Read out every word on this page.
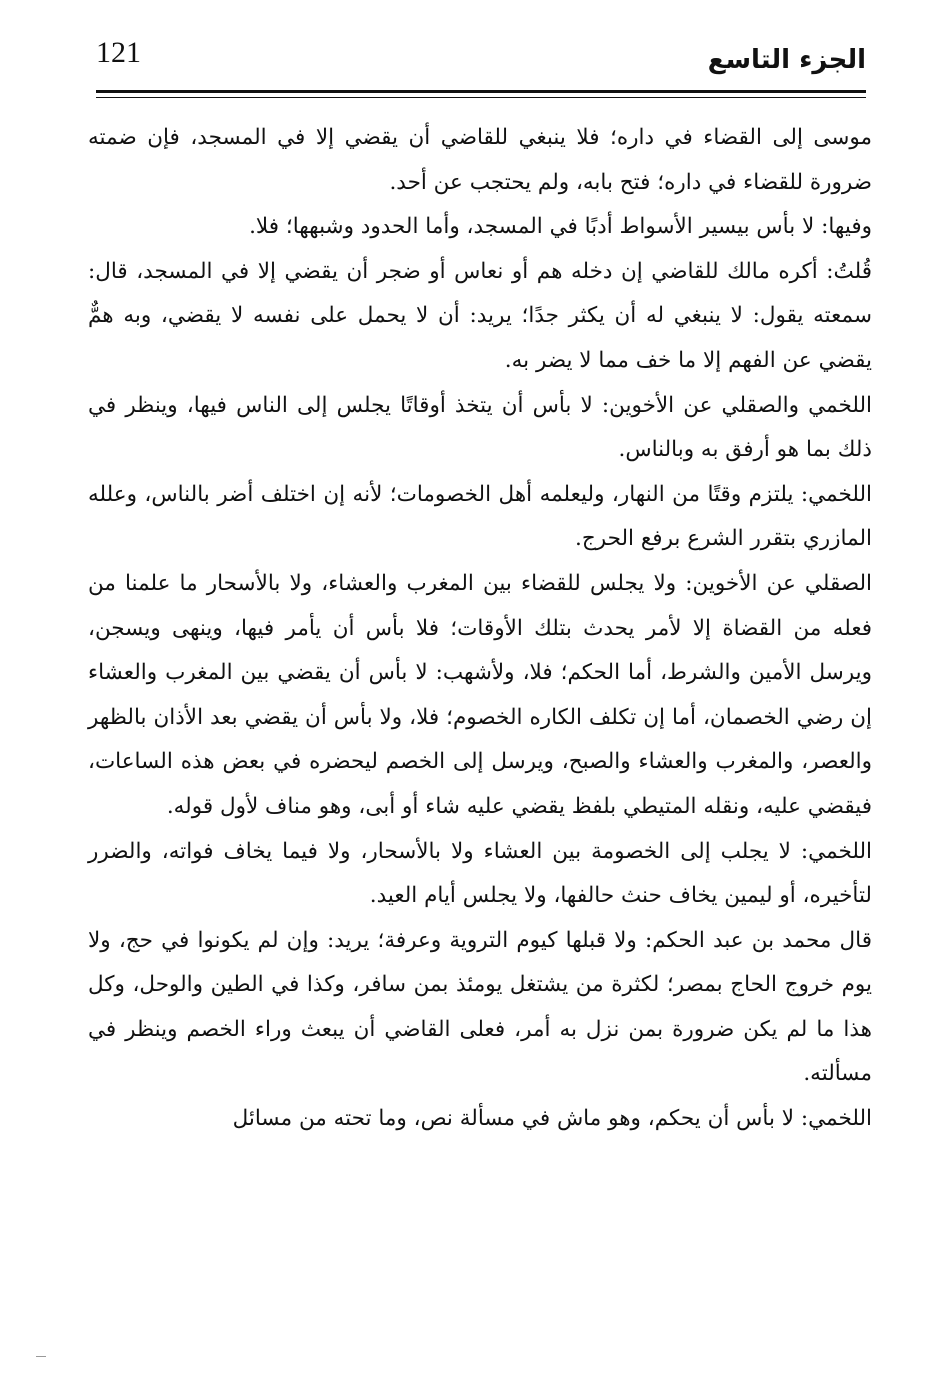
121	الجزء التاسع

موسى إلى القضاء في داره؛ فلا ينبغي للقاضي أن يقضي إلا في المسجد، فإن ضمته ضرورة للقضاء في داره؛ فتح بابه، ولم يحتجب عن أحد.

وفيها: لا بأس بيسير الأسواط أدبًا في المسجد، وأما الحدود وشبهها؛ فلا.

قُلتُ: أكره مالك للقاضي إن دخله هم أو نعاس أو ضجر أن يقضي إلا في المسجد، قال: سمعته يقول: لا ينبغي له أن يكثر جدًا؛ يريد: أن لا يحمل على نفسه لا يقضي، وبه همٌّ يقضي عن الفهم إلا ما خف مما لا يضر به.

اللخمي والصقلي عن الأخوين: لا بأس أن يتخذ أوقاتًا يجلس إلى الناس فيها، وينظر في ذلك بما هو أرفق به وبالناس.

اللخمي: يلتزم وقتًا من النهار، وليعلمه أهل الخصومات؛ لأنه إن اختلف أضر بالناس، وعلله المازري بتقرر الشرع برفع الحرج.

الصقلي عن الأخوين: ولا يجلس للقضاء بين المغرب والعشاء، ولا بالأسحار ما علمنا من فعله من القضاة إلا لأمر يحدث بتلك الأوقات؛ فلا بأس أن يأمر فيها، وينهى ويسجن، ويرسل الأمين والشرط، أما الحكم؛ فلا، ولأشهب: لا بأس أن يقضي بين المغرب والعشاء إن رضي الخصمان، أما إن تكلف الكاره الخصوم؛ فلا، ولا بأس أن يقضي بعد الأذان بالظهر والعصر، والمغرب والعشاء والصبح، ويرسل إلى الخصم ليحضره في بعض هذه الساعات، فيقضي عليه، ونقله المتيطي بلفظ يقضي عليه شاء أو أبى، وهو مناف لأول قوله.

اللخمي: لا يجلب إلى الخصومة بين العشاء ولا بالأسحار، ولا فيما يخاف فواته، والضرر لتأخيره، أو ليمين يخاف حنث حالفها، ولا يجلس أيام العيد.

قال محمد بن عبد الحكم: ولا قبلها كيوم التروية وعرفة؛ يريد: وإن لم يكونوا في حج، ولا يوم خروج الحاج بمصر؛ لكثرة من يشتغل يومئذ بمن سافر، وكذا في الطين والوحل، وكل هذا ما لم يكن ضرورة بمن نزل به أمر، فعلى القاضي أن يبعث وراء الخصم وينظر في مسألته.

اللخمي: لا بأس أن يحكم، وهو ماش في مسألة نص، وما تحته من مسائل
